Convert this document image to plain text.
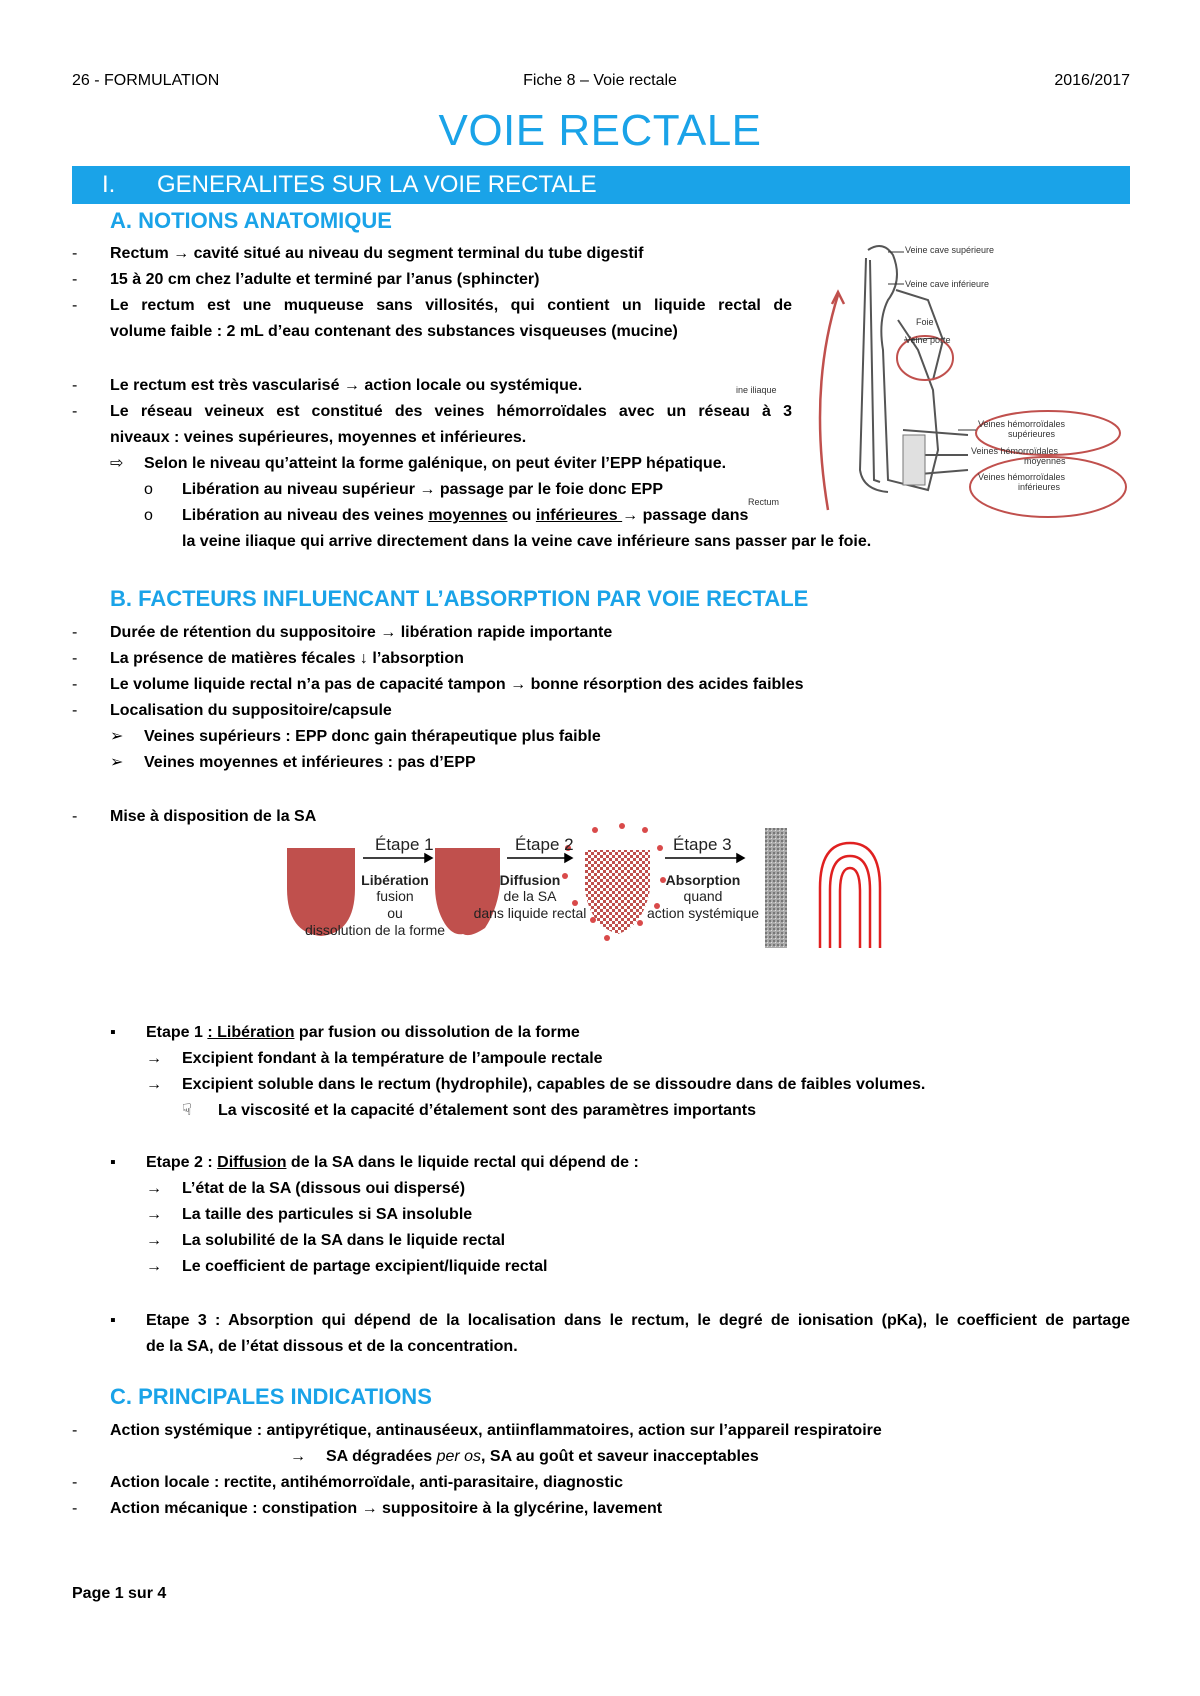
26 - FORMULATION	Fiche 8 – Voie rectale	2016/2017
VOIE RECTALE
I. GENERALITES SUR LA VOIE RECTALE
A. NOTIONS ANATOMIQUE
- Rectum → cavité situé au niveau du segment terminal du tube digestif
- 15 à 20 cm chez l’adulte et terminé par l’anus (sphincter)
- Le rectum est une muqueuse sans villosités, qui contient un liquide rectal de
volume faible : 2 mL d’eau contenant des substances visqueuses (mucine)
- Le rectum est très vascularisé → action locale ou systémique.
- Le réseau veineux est constitué des veines hémorroïdales avec un réseau à 3
niveaux : veines supérieures, moyennes et inférieures.
⇨ Selon le niveau qu’atteint la forme galénique, on peut éviter l’EPP hépatique.
o Libération au niveau supérieur → passage par le foie donc EPP
o Libération au niveau des veines moyennes ou inférieures → passage dans
la veine iliaque qui arrive directement dans la veine cave inférieure sans passer par le foie.
Veine cave supérieure
Veine cave inférieure
Foie
Veine porte
ine iliaque
Veines hémorroïdales
supérieures
Veines hémorroïdales
moyennes
Veines hémorroïdales
inférieures
Rectum
B. FACTEURS INFLUENCANT L’ABSORPTION PAR VOIE RECTALE
- Durée de rétention du suppositoire → libération rapide importante
- La présence de matières fécales ↓ l’absorption
- Le volume liquide rectal n’a pas de capacité tampon → bonne résorption des acides faibles
- Localisation du suppositoire/capsule
➢ Veines supérieurs : EPP donc gain thérapeutique plus faible
➢ Veines moyennes et inférieures : pas d’EPP
- Mise à disposition de la SA
Étape 1	Étape 2	Étape 3
Libération
fusion
ou
dissolution de la forme
Diffusion
de la SA
dans liquide rectal
Absorption
quand
action systémique
▪ Etape 1 : Libération par fusion ou dissolution de la forme
→ Excipient fondant à la température de l’ampoule rectale
→ Excipient soluble dans le rectum (hydrophile), capables de se dissoudre dans de faibles volumes.
☟ La viscosité et la capacité d’étalement sont des paramètres importants
▪ Etape 2 : Diffusion de la SA dans le liquide rectal qui dépend de :
→ L’état de la SA (dissous oui dispersé)
→ La taille des particules si SA insoluble
→ La solubilité de la SA dans le liquide rectal
→ Le coefficient de partage excipient/liquide rectal
▪ Etape 3 : Absorption qui dépend de la localisation dans le rectum, le degré de ionisation (pKa), le coefficient de partage
de la SA, de l’état dissous et de la concentration.
C. PRINCIPALES INDICATIONS
- Action systémique : antipyrétique, antinauséeux, antiinflammatoires, action sur l’appareil respiratoire
→ SA dégradées per os, SA au goût et saveur inacceptables
- Action locale : rectite, antihémorroïdale, anti-parasitaire, diagnostic
- Action mécanique : constipation → suppositoire à la glycérine, lavement
Page 1 sur 4
